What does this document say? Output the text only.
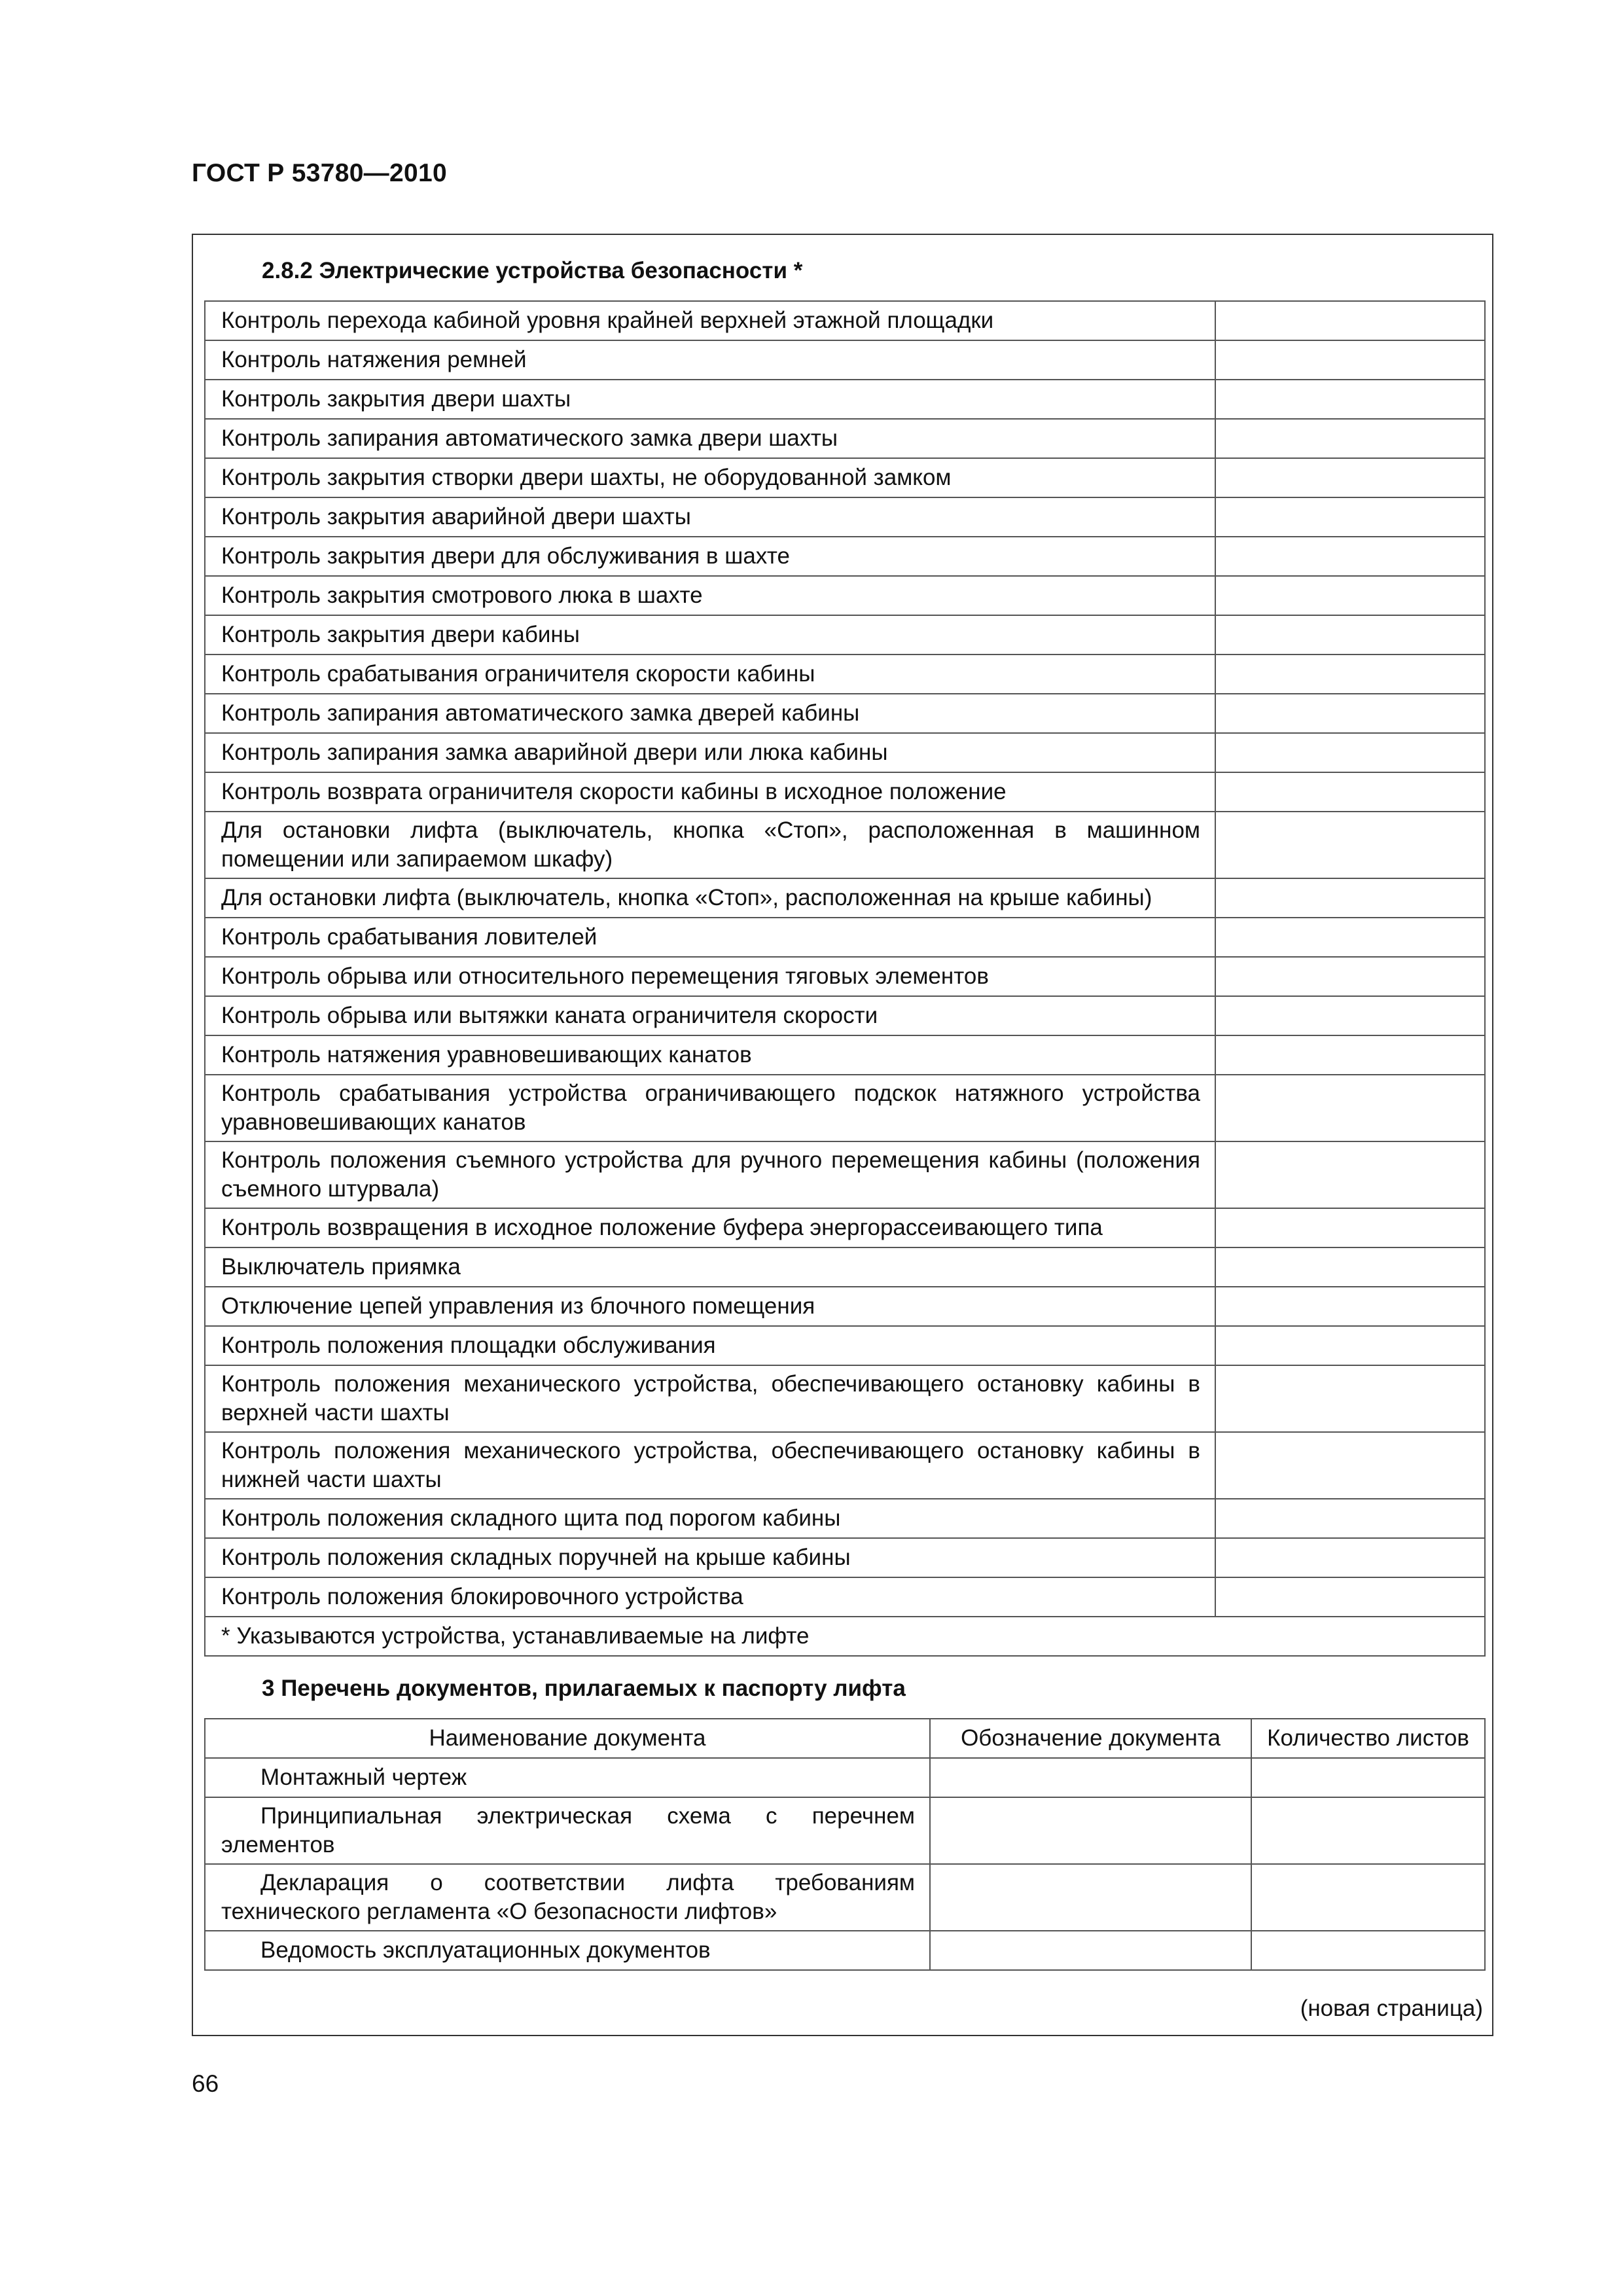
ГОСТ Р 53780—2010
2.8.2 Электрические устройства безопасности *
Контроль перехода кабиной уровня крайней верхней этажной площадки	
Контроль натяжения ремней	
Контроль закрытия двери шахты	
Контроль запирания автоматического замка двери шахты	
Контроль закрытия створки двери шахты, не оборудованной замком	
Контроль закрытия аварийной двери шахты	
Контроль закрытия двери для обслуживания в шахте	
Контроль закрытия смотрового люка в шахте	
Контроль закрытия двери кабины	
Контроль срабатывания ограничителя скорости кабины	
Контроль запирания автоматического замка дверей кабины	
Контроль запирания замка аварийной двери или люка кабины	
Контроль возврата ограничителя скорости кабины в исходное положение	
Для остановки лифта (выключатель, кнопка «Стоп», расположенная в машинном помещении или запираемом шкафу)	
Для остановки лифта (выключатель, кнопка «Стоп», расположенная на крыше кабины)	
Контроль срабатывания ловителей	
Контроль обрыва или относительного перемещения тяговых элементов	
Контроль обрыва или вытяжки каната ограничителя скорости	
Контроль натяжения уравновешивающих канатов	
Контроль срабатывания устройства ограничивающего подскок натяжного устройства уравновешивающих канатов	
Контроль положения съемного устройства для ручного перемещения кабины (положения съемного штурвала)	
Контроль возвращения в исходное положение буфера энергорассеивающего типа	
Выключатель приямка	
Отключение цепей управления из блочного помещения	
Контроль положения площадки обслуживания	
Контроль положения механического устройства, обеспечивающего остановку кабины в верхней части шахты	
Контроль положения механического устройства, обеспечивающего остановку кабины в нижней части шахты	
Контроль положения складного щита под порогом кабины	
Контроль положения складных поручней на крыше кабины	
Контроль положения блокировочного устройства	
* Указываются устройства, устанавливаемые на лифте	
3 Перечень документов, прилагаемых к паспорту лифта
Наименование документа	Обозначение документа	Количество листов
Монтажный чертеж		
Принципиальная электрическая схема с перечнем элементов		
Декларация о соответствии лифта требованиям технического регламента «О безопасности лифтов»		
Ведомость эксплуатационных документов		

(новая страница)

66
